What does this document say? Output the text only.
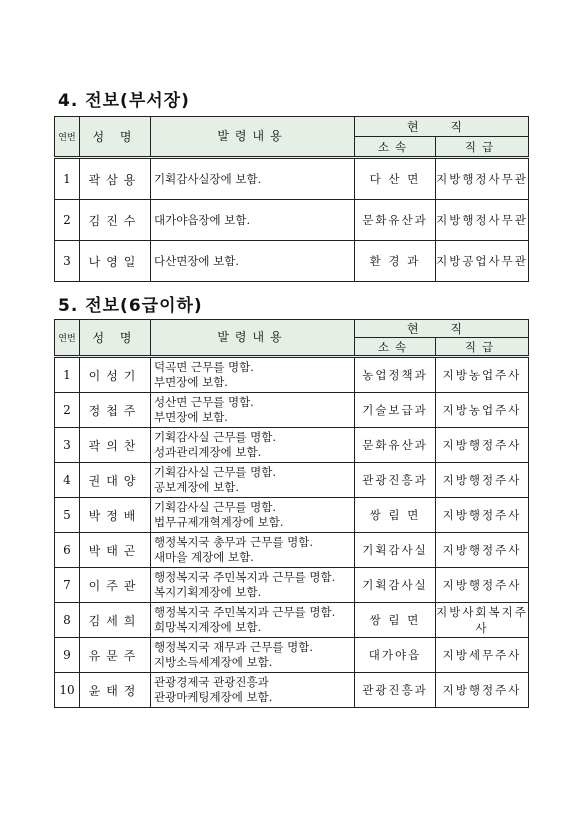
4. 전보(부서장)
연번	성 명	발령내용	현 직	
			소속	직급
1	곽삼용	기획감사실장에 보함.	다 산 면	지방행정사무관
2	김진수	대가야읍장에 보함.	문화유산과	지방행정사무관
3	나영일	다산면장에 보함.	환 경 과	지방공업사무관
5. 전보(6급이하)
연번	성 명	발령내용	현 직	
			소속	직급
1	이성기	덕곡면 근무를 명함.
부면장에 보함.	농업정책과	지방농업주사
2	정첩주	성산면 근무를 명함.
부면장에 보함.	기술보급과	지방농업주사
3	곽의찬	기획감사실 근무를 명함.
성과관리계장에 보함.	문화유산과	지방행정주사
4	권대양	기획감사실 근무를 명함.
공보계장에 보함.	관광진흥과	지방행정주사
5	박정배	기획감사실 근무를 명함.
법무규제개혁계장에 보함.	쌍 림 면	지방행정주사
6	박태곤	행정복지국 총무과 근무를 명함.
새마을 계장에 보함.	기획감사실	지방행정주사
7	이주관	행정복지국 주민복지과 근무를 명함.
복지기획계장에 보함.	기획감사실	지방행정주사
8	김세희	행정복지국 주민복지과 근무를 명함.
희망복지계장에 보함.	쌍 림 면	지방사회복지주사
9	유문주	행정복지국 재무과 근무를 명함.
지방소득세계장에 보함.	대가야읍	지방세무주사
10	윤태정	관광경제국 관광진흥과
관광마케팅계장에 보함.	관광진흥과	지방행정주사
